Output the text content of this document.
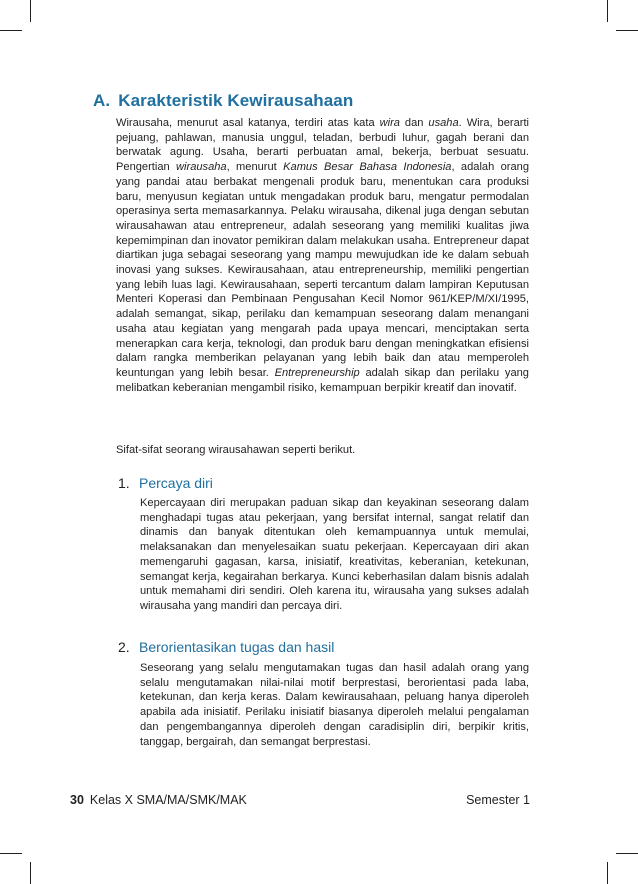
A. Karakteristik Kewirausahaan

Wirausaha, menurut asal katanya, terdiri atas kata wira dan usaha. Wira, berarti pejuang, pahlawan, manusia unggul, teladan, berbudi luhur, gagah berani dan berwatak agung. Usaha, berarti perbuatan amal, bekerja, berbuat sesuatu. Pengertian wirausaha, menurut Kamus Besar Bahasa Indonesia, adalah orang yang pandai atau berbakat mengenali produk baru, menentukan cara produksi baru, menyusun kegiatan untuk mengadakan produk baru, mengatur permodalan operasinya serta memasarkannya. Pelaku wirausaha, dikenal juga dengan sebutan wirausahawan atau entrepreneur, adalah seseorang yang memiliki kualitas jiwa kepemimpinan dan inovator pemikiran dalam melakukan usaha. Entrepreneur dapat diartikan juga sebagai seseorang yang mampu mewujudkan ide ke dalam sebuah inovasi yang sukses. Kewirausahaan, atau entrepreneurship, memiliki pengertian yang lebih luas lagi. Kewirausahaan, seperti tercantum dalam lampiran Keputusan Menteri Koperasi dan Pembinaan Pengusahan Kecil Nomor 961/KEP/M/XI/1995, adalah semangat, sikap, perilaku dan kemampuan seseorang dalam menangani usaha atau kegiatan yang mengarah pada upaya mencari, menciptakan serta menerapkan cara kerja, teknologi, dan produk baru dengan meningkatkan efisiensi dalam rangka memberikan pelayanan yang lebih baik dan atau memperoleh keuntungan yang lebih besar. Entrepreneurship adalah sikap dan perilaku yang melibatkan keberanian mengambil risiko, kemampuan berpikir kreatif dan inovatif.

Sifat-sifat seorang wirausahawan seperti berikut.

1. Percaya diri

Kepercayaan diri merupakan paduan sikap dan keyakinan seseorang dalam menghadapi tugas atau pekerjaan, yang bersifat internal, sangat relatif dan dinamis dan banyak ditentukan oleh kemampuannya untuk memulai, melaksanakan dan menyelesaikan suatu pekerjaan. Kepercayaan diri akan memengaruhi gagasan, karsa, inisiatif, kreativitas, keberanian, ketekunan, semangat kerja, kegairahan berkarya. Kunci keberhasilan dalam bisnis adalah untuk memahami diri sendiri. Oleh karena itu, wirausaha yang sukses adalah wirausaha yang mandiri dan percaya diri.

2. Berorientasikan tugas dan hasil

Seseorang yang selalu mengutamakan tugas dan hasil adalah orang yang selalu mengutamakan nilai-nilai motif berprestasi, berorientasi pada laba, ketekunan, dan kerja keras. Dalam kewirausahaan, peluang hanya diperoleh apabila ada inisiatif. Perilaku inisiatif biasanya diperoleh melalui pengalaman dan pengembangannya diperoleh dengan caradisiplin diri, berpikir kritis, tanggap, bergairah, dan semangat berprestasi.

30 Kelas X SMA/MA/SMK/MAK	Semester 1
